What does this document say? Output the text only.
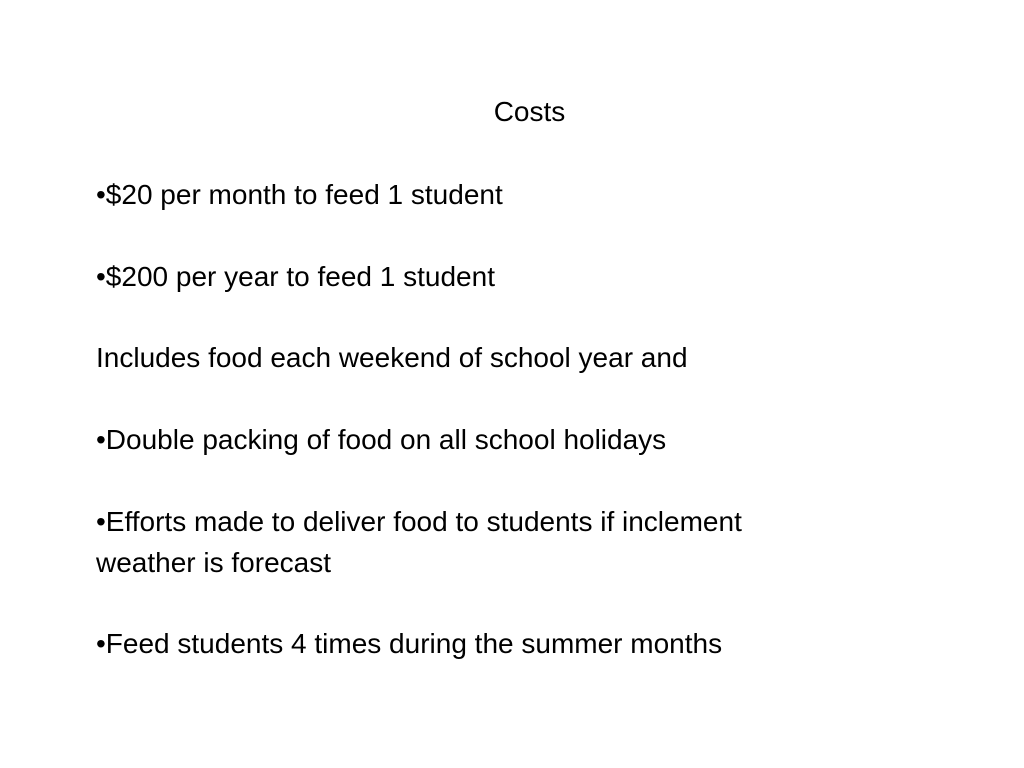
Costs

•$20 per month to feed 1 student

•$200 per year to feed 1 student

Includes food each weekend of school year and

•Double packing of food on all school holidays

•Efforts made to deliver food to students if inclement

weather is forecast

•Feed students 4 times during the summer months
